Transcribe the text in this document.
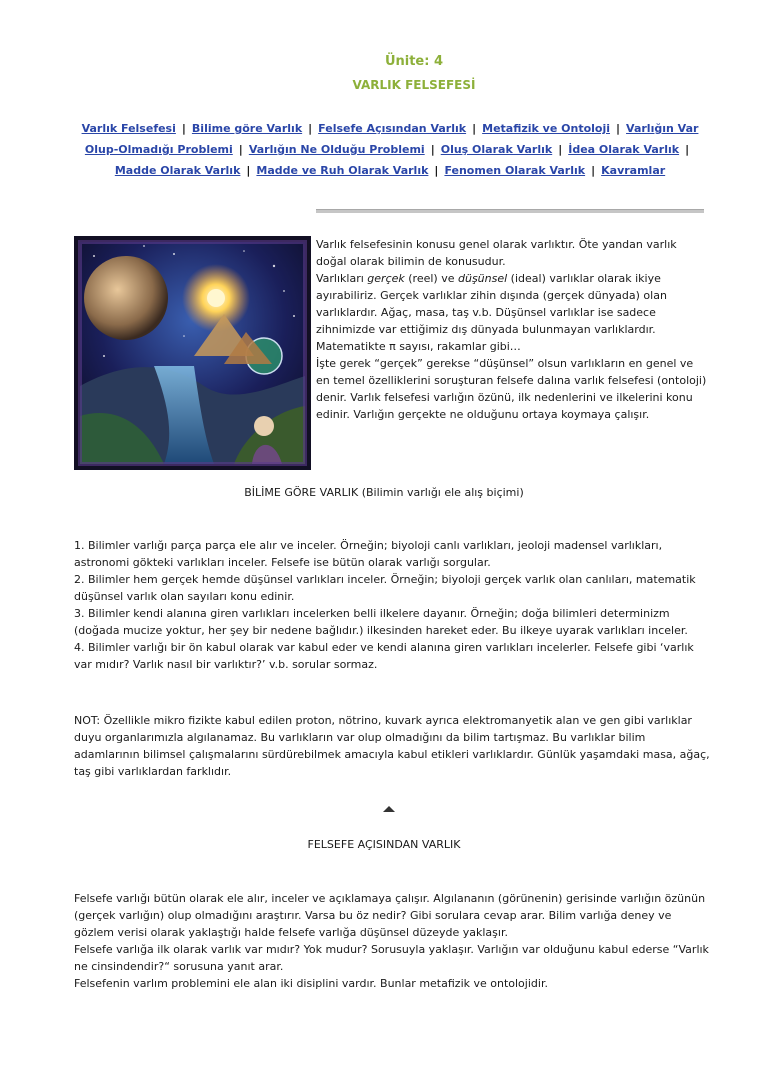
Ünite: 4
VARLIK FELSEFESİ
Varlık Felsefesi | Bilime göre Varlık | Felsefe Açısından Varlık | Metafizik ve Ontoloji | Varlığın Var Olup-Olmadığı Problemi | Varlığın Ne Olduğu Problemi | Oluş Olarak Varlık | İdea Olarak Varlık |
Madde Olarak Varlık | Madde ve Ruh Olarak Varlık | Fenomen Olarak Varlık | Kavramlar

Varlık felsefesinin konusu genel olarak varlıktır. Öte yandan varlık doğal olarak bilimin de konusudur.

Varlıkları gerçek (reel) ve düşünsel (ideal) varlıklar olarak ikiye ayırabiliriz. Gerçek varlıklar zihin dışında (gerçek dünyada) olan varlıklardır. Ağaç, masa, taş v.b. Düşünsel varlıklar ise sadece zihnimizde var ettiğimiz dış dünyada bulunmayan varlıklardır. Matematikte π sayısı, rakamlar gibi…

İşte gerek “gerçek” gerekse “düşünsel” olsun varlıkların en genel ve en temel özelliklerini soruşturan felsefe dalına varlık felsefesi (ontoloji) denir. Varlık felsefesi varlığın özünü, ilk nedenlerini ve ilkelerini konu edinir. Varlığın gerçekte ne olduğunu ortaya koymaya çalışır.

BİLİME GÖRE VARLIK (Bilimin varlığı ele alış biçimi)

1. Bilimler varlığı parça parça ele alır ve inceler. Örneğin; biyoloji canlı varlıkları, jeoloji madensel varlıkları, astronomi gökteki varlıkları inceler. Felsefe ise bütün olarak varlığı sorgular.

2. Bilimler hem gerçek hemde düşünsel varlıkları inceler. Örneğin; biyoloji gerçek varlık olan canlıları, matematik düşünsel varlık olan sayıları konu edinir.

3. Bilimler kendi alanına giren varlıkları incelerken belli ilkelere dayanır. Örneğin; doğa bilimleri determinizm (doğada mucize yoktur, her şey bir nedene bağlıdır.) ilkesinden hareket eder. Bu ilkeye uyarak varlıkları inceler.

4. Bilimler varlığı bir ön kabul olarak var kabul eder ve kendi alanına giren varlıkları incelerler. Felsefe gibi ‘varlık var mıdır? Varlık nasıl bir varlıktır?’ v.b. sorular sormaz.

NOT: Özellikle mikro fizikte kabul edilen proton, nötrino, kuvark ayrıca elektromanyetik alan ve gen gibi varlıklar duyu organlarımızla algılanamaz. Bu varlıkların var olup olmadığını da bilim tartışmaz. Bu varlıklar bilim adamlarının bilimsel çalışmalarını sürdürebilmek amacıyla kabul etikleri varlıklardır. Günlük yaşamdaki masa, ağaç, taş gibi varlıklardan farklıdır.

FELSEFE AÇISINDAN VARLIK

Felsefe varlığı bütün olarak ele alır, inceler ve açıklamaya çalışır. Algılananın (görünenin) gerisinde varlığın özünün (gerçek varlığın) olup olmadığını araştırır. Varsa bu öz nedir? Gibi sorulara cevap arar. Bilim varlığa deney ve gözlem verisi olarak yaklaştığı halde felsefe varlığa düşünsel düzeyde yaklaşır.

Felsefe varlığa ilk olarak varlık var mıdır? Yok mudur? Sorusuyla yaklaşır. Varlığın var olduğunu kabul ederse “Varlık ne cinsindendir?“ sorusuna yanıt arar.

Felsefenin varlım problemini ele alan iki disiplini vardır. Bunlar metafizik ve ontolojidir.
